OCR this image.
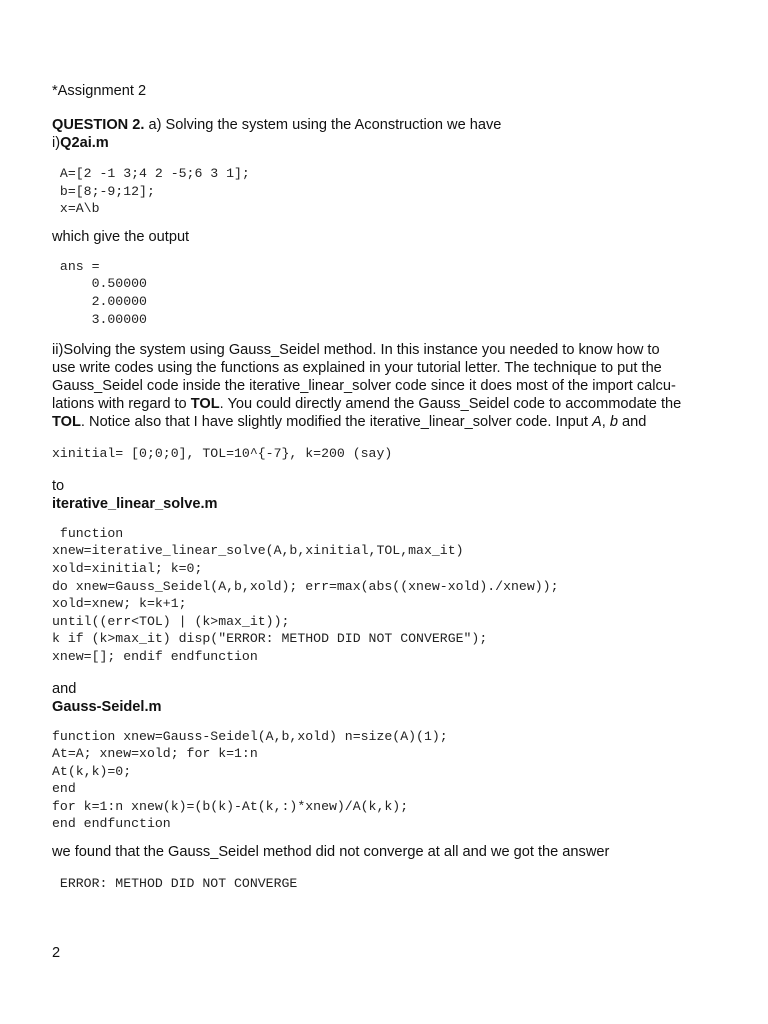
*Assignment 2

QUESTION 2. a) Solving the system using the Aconstruction we have

i)Q2ai.m

A=[2 -1 3;4 2 -5;6 3 1];

b=[8;-9;12];

x=A\b

which give the output

ans =

0.50000

2.00000

3.00000

ii)Solving the system using Gauss_Seidel method. In this instance you needed to know how to

use write codes using the functions as explained in your tutorial letter. The technique to put the

Gauss_Seidel code inside the iterative_linear_solver code since it does most of the import calcu-

lations with regard to TOL. You could directly amend the Gauss_Seidel code to accommodate the

TOL. Notice also that I have slightly modified the iterative_linear_solver code. Input A, b and

xinitial= [0;0;0], TOL=10^{-7}, k=200 (say)

to

iterative_linear_solve.m

function

xnew=iterative_linear_solve(A,b,xinitial,TOL,max_it)

xold=xinitial; k=0;

do xnew=Gauss_Seidel(A,b,xold); err=max(abs((xnew-xold)./xnew));

xold=xnew; k=k+1;

until((err<TOL) | (k>max_it));

k if (k>max_it) disp("ERROR: METHOD DID NOT CONVERGE");

xnew=[]; endif endfunction

and

Gauss-Seidel.m

function xnew=Gauss-Seidel(A,b,xold) n=size(A)(1);

At=A; xnew=xold; for k=1:n

At(k,k)=0;

end

for k=1:n xnew(k)=(b(k)-At(k,:)*xnew)/A(k,k);

end endfunction

we found that the Gauss_Seidel method did not converge at all and we got the answer

ERROR: METHOD DID NOT CONVERGE

2
